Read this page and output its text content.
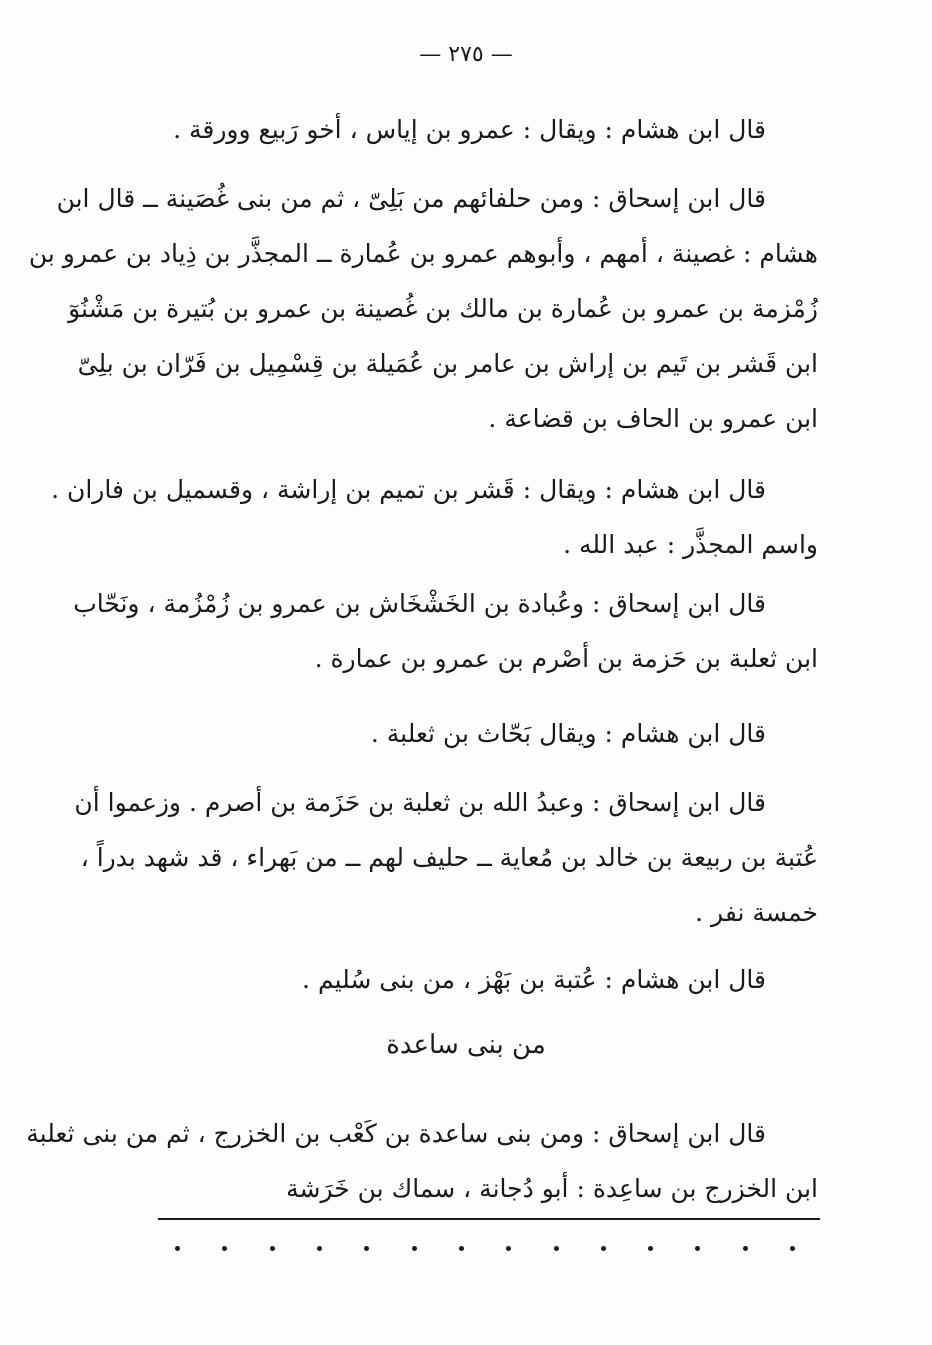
— ٢٧٥ —
قال ابن هشام : ويقال : عمرو بن إياس ، أخو رَبيع وورقة .
قال ابن إسحاق : ومن حلفائهم من بَلِىّ ، ثم من بنى غُصَينة ــ قال ابن
هشام : غصينة ، أمهم ، وأبوهم عمرو بن عُمارة ــ المجذَّر بن ذِياد بن عمرو بن
زُمْزمة بن عمرو بن عُمارة بن مالك بن غُصينة بن عمرو بن بُتيرة بن مَشْنُوٓ
ابن قَشر بن تَيم بن إراش بن عامر بن عُمَيلة بن قِسْمِيل بن فَرّان بن بلِىّ
ابن عمرو بن الحاف بن قضاعة .
قال ابن هشام : ويقال : قَشر بن تميم بن إراشة ، وقسميل بن فاران .
واسم المجذَّر : عبد الله .
قال ابن إسحاق : وعُبادة بن الخَشْخَاش بن عمرو بن زُمْزُمة ، ونَحّاب
ابن ثعلبة بن حَزمة بن أصْرم بن عمرو بن عمارة .
قال ابن هشام : ويقال بَحّاث بن ثعلبة .
قال ابن إسحاق : وعبدُ الله بن ثعلبة بن حَزَمة بن أصرم . وزعموا أن
عُتبة بن ربيعة بن خالد بن مُعاية ــ حليف لهم ــ من بَهراء ، قد شهد بدراً ،
خمسة نفر .
قال ابن هشام : عُتبة بن بَهْز ، من بنى سُليم .
من بنى ساعدة
قال ابن إسحاق : ومن بنى ساعدة بن كَعْب بن الخزرج ، ثم من بنى ثعلبة
ابن الخزرج بن ساعِدة : أبو دُجانة ، سماك بن خَرَشة
